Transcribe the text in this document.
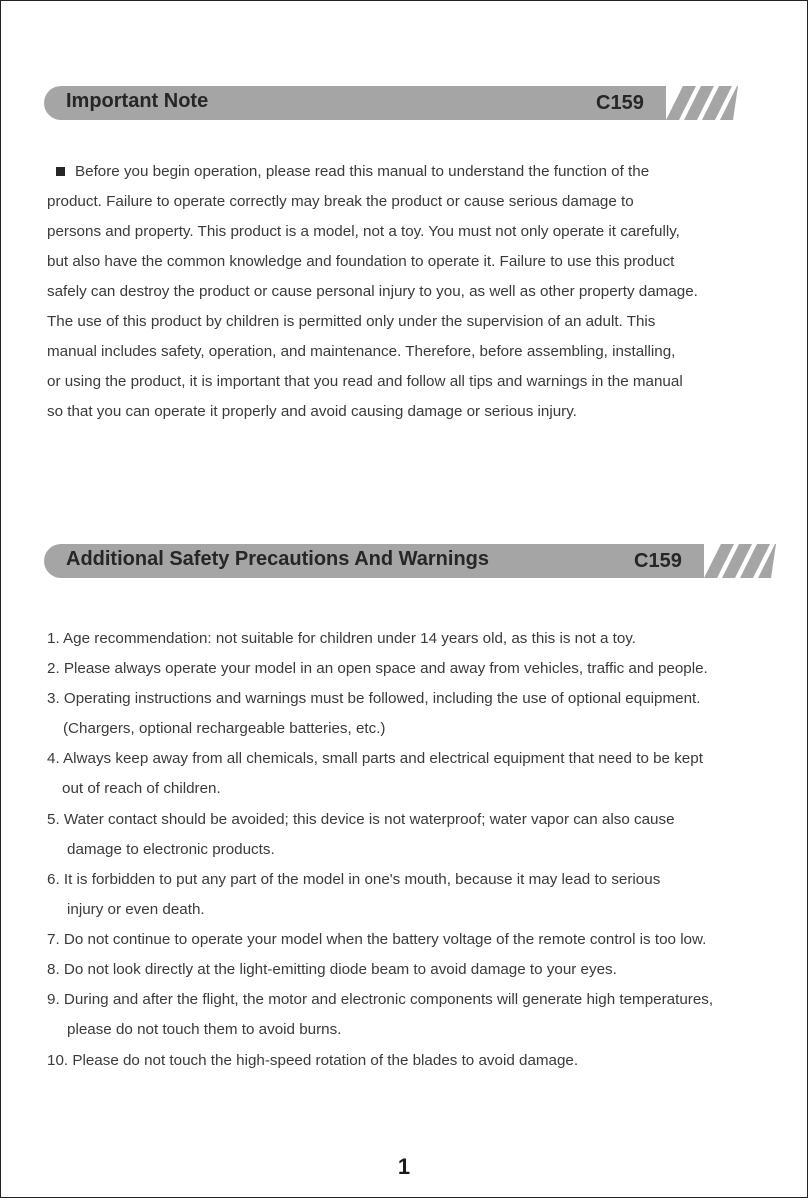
Important Note	C159
Before you begin operation, please read this manual to understand the function of the
product. Failure to operate correctly may break the product or cause serious damage to
persons and property. This product is a model, not a toy. You must not only operate it carefully,
but also have the common knowledge and foundation to operate it. Failure to use this product
safely can destroy the product or cause personal injury to you, as well as other property damage.
The use of this product by children is permitted only under the supervision of an adult. This
manual includes safety, operation, and maintenance. Therefore, before assembling, installing,
or using the product, it is important that you read and follow all tips and warnings in the manual
so that you can operate it properly and avoid causing damage or serious injury.
Additional Safety Precautions And Warnings	C159
1. Age recommendation: not suitable for children under 14 years old, as this is not a toy.
2. Please always operate your model in an open space and away from vehicles, traffic and people.
3. Operating instructions and warnings must be followed, including the use of optional equipment.
(Chargers, optional rechargeable batteries, etc.)
4. Always keep away from all chemicals, small parts and electrical equipment that need to be kept
out of reach of children.
5. Water contact should be avoided; this device is not waterproof; water vapor can also cause
damage to electronic products.
6. It is forbidden to put any part of the model in one's mouth, because it may lead to serious
injury or even death.
7. Do not continue to operate your model when the battery voltage of the remote control is too low.
8. Do not look directly at the light-emitting diode beam to avoid damage to your eyes.
9. During and after the flight, the motor and electronic components will generate high temperatures,
please do not touch them to avoid burns.
10. Please do not touch the high-speed rotation of the blades to avoid damage.
1
